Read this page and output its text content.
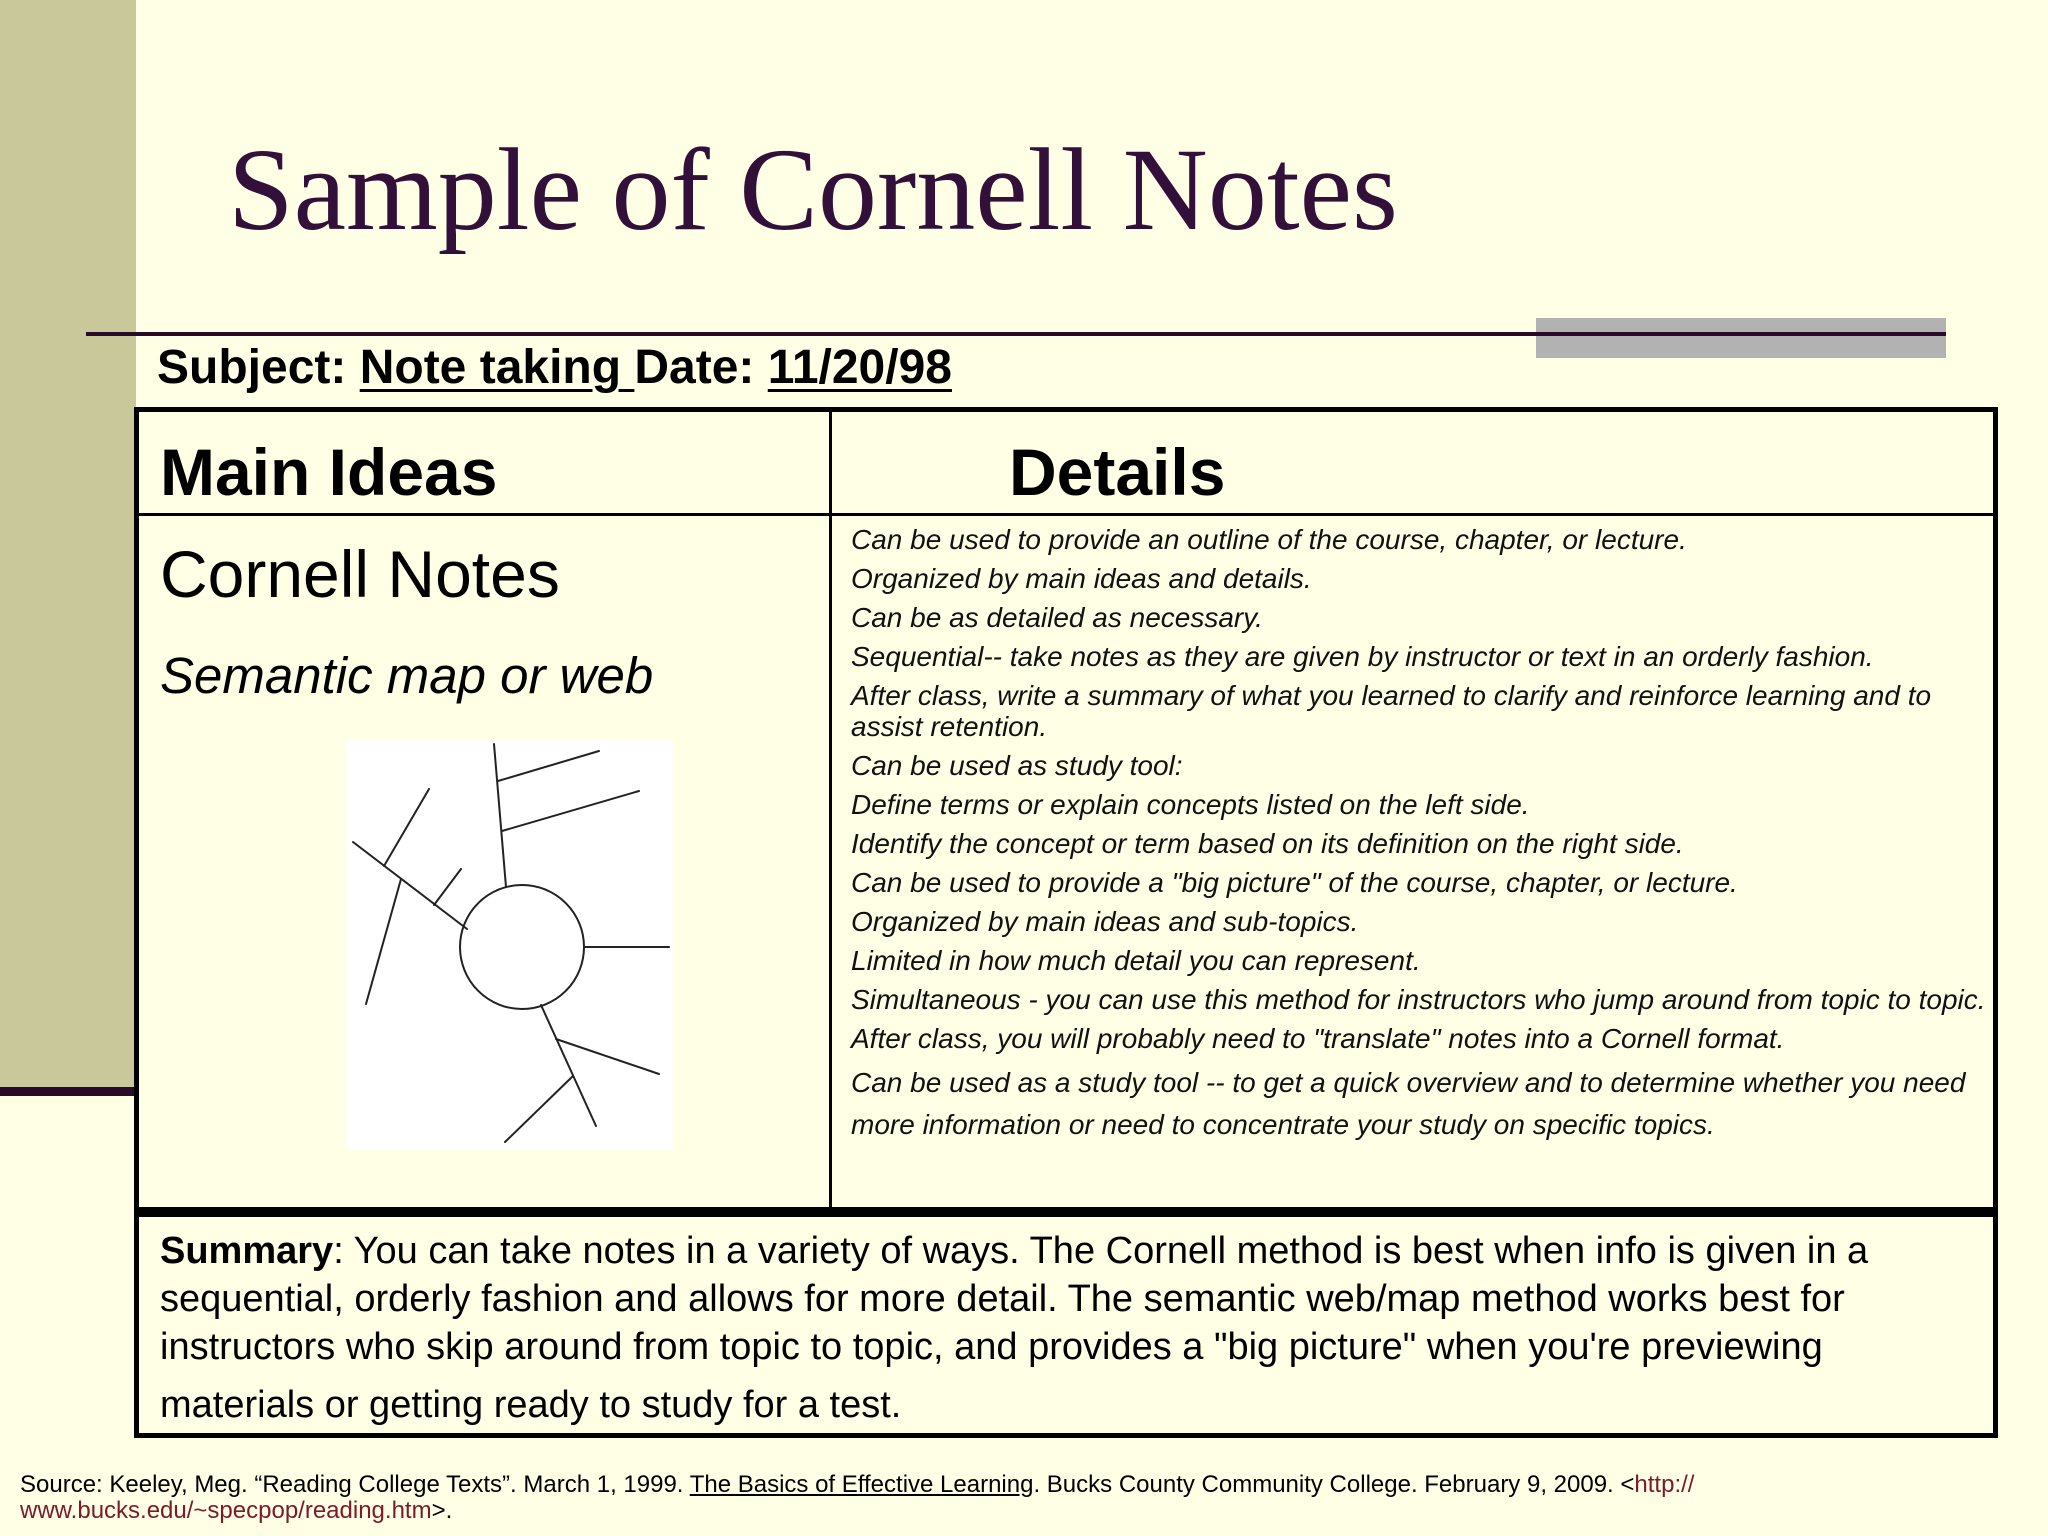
Sample of Cornell Notes
Subject: Note taking Date: 11/20/98
Main Ideas	Details
Cornell Notes
Semantic map or web
Can be used to provide an outline of the course, chapter, or lecture.
Organized by main ideas and details.
Can be as detailed as necessary.
Sequential-- take notes as they are given by instructor or text in an orderly fashion.
After class, write a summary of what you learned to clarify and reinforce learning and to assist retention.
Can be used as study tool:
Define terms or explain concepts listed on the left side.
Identify the concept or term based on its definition on the right side.
Can be used to provide a "big picture" of the course, chapter, or lecture.
Organized by main ideas and sub-topics.
Limited in how much detail you can represent.
Simultaneous - you can use this method for instructors who jump around from topic to topic.
After class, you will probably need to "translate" notes into a Cornell format.
Can be used as a study tool -- to get a quick overview and to determine whether you need more information or need to concentrate your study on specific topics.
Summary: You can take notes in a variety of ways. The Cornell method is best when info is given in a sequential, orderly fashion and allows for more detail. The semantic web/map method works best for instructors who skip around from topic to topic, and provides a "big picture" when you're previewing
materials or getting ready to study for a test.
Source: Keeley, Meg. “Reading College Texts”. March 1, 1999. The Basics of Effective Learning. Bucks County Community College. February 9, 2009. <http:// www.bucks.edu/~specpop/reading.htm>.
